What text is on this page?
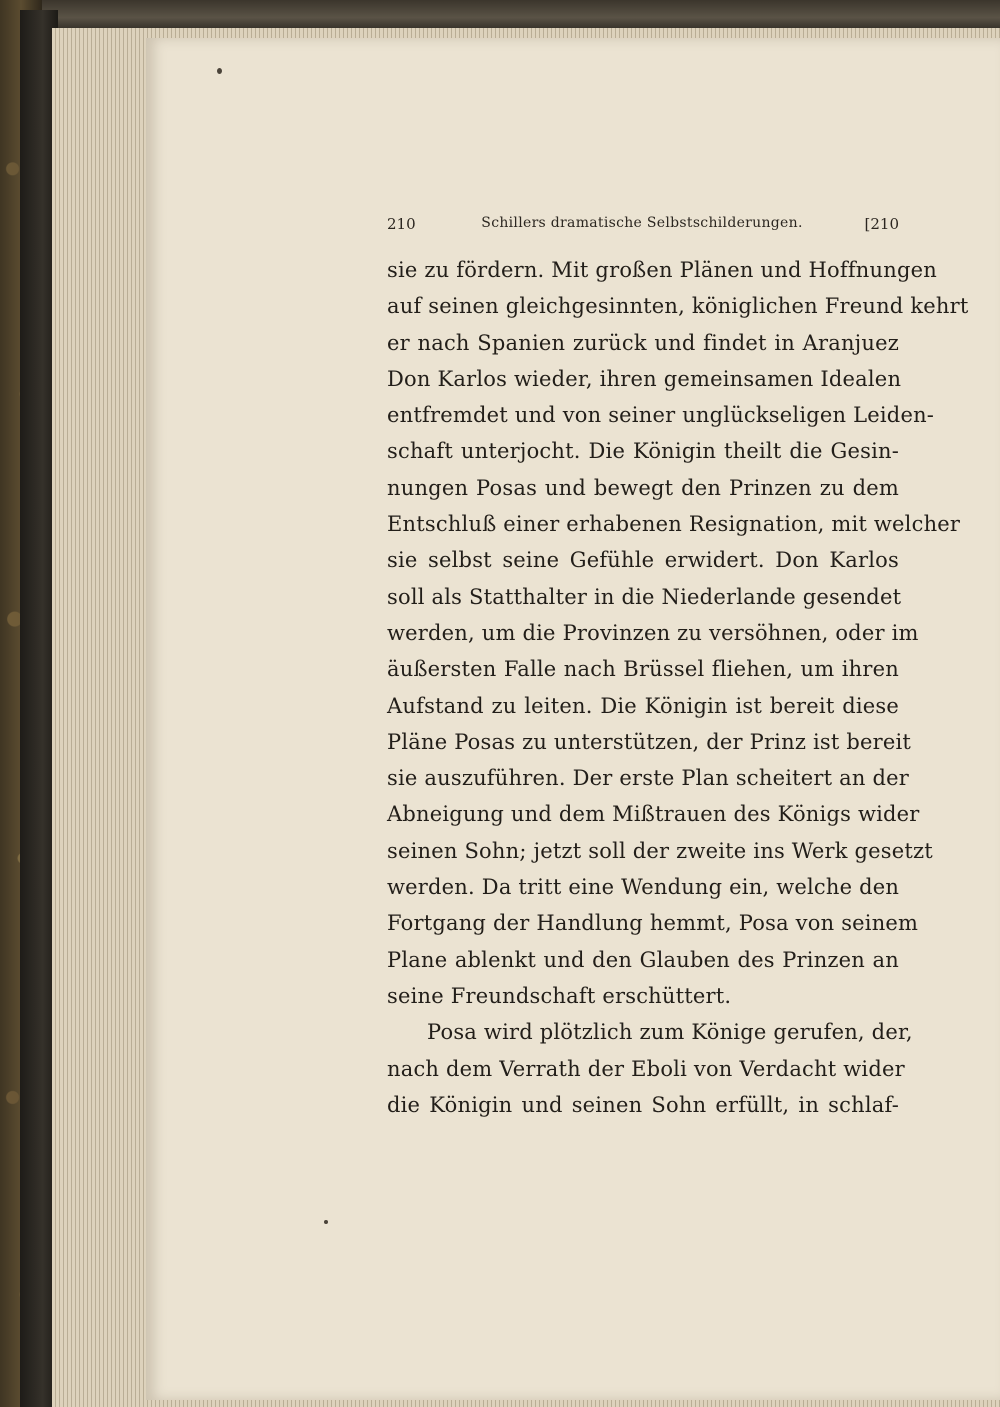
210	Schillers dramatische Selbstschilderungen.	[210
sie zu fördern. Mit großen Plänen und Hoffnungen
auf seinen gleichgesinnten, königlichen Freund kehrt
er nach Spanien zurück und findet in Aranjuez
Don Karlos wieder, ihren gemeinsamen Idealen
entfremdet und von seiner unglückseligen Leiden-
schaft unterjocht. Die Königin theilt die Gesin-
nungen Posas und bewegt den Prinzen zu dem
Entschluß einer erhabenen Resignation, mit welcher
sie selbst seine Gefühle erwidert. Don Karlos
soll als Statthalter in die Niederlande gesendet
werden, um die Provinzen zu versöhnen, oder im
äußersten Falle nach Brüssel fliehen, um ihren
Aufstand zu leiten. Die Königin ist bereit diese
Pläne Posas zu unterstützen, der Prinz ist bereit
sie auszuführen. Der erste Plan scheitert an der
Abneigung und dem Mißtrauen des Königs wider
seinen Sohn; jetzt soll der zweite ins Werk gesetzt
werden. Da tritt eine Wendung ein, welche den
Fortgang der Handlung hemmt, Posa von seinem
Plane ablenkt und den Glauben des Prinzen an
seine Freundschaft erschüttert.
Posa wird plötzlich zum Könige gerufen, der,
nach dem Verrath der Eboli von Verdacht wider
die Königin und seinen Sohn erfüllt, in schlaf-
